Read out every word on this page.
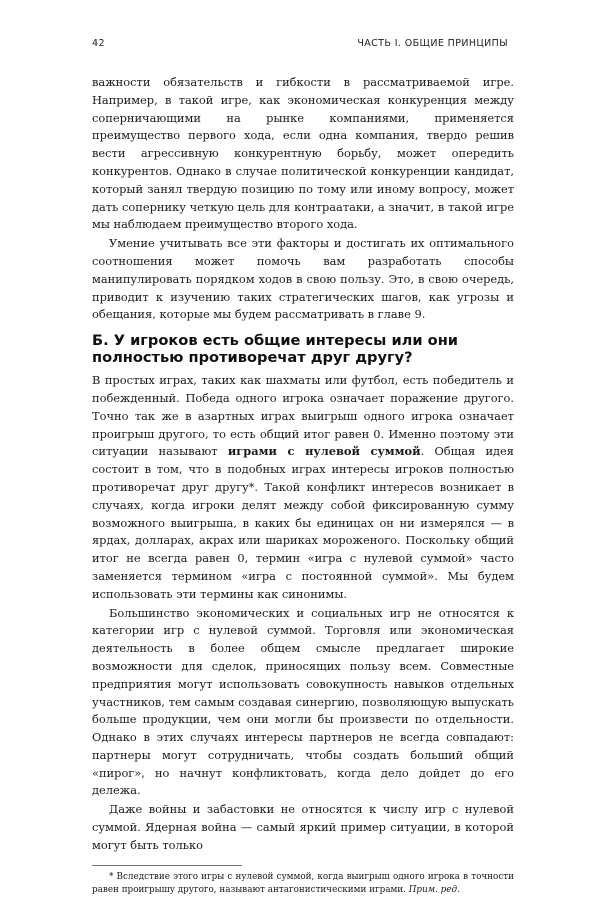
42	ЧАСТЬ I. ОБЩИЕ ПРИНЦИПЫ

важности обязательств и гибкости в рассматриваемой игре. Например, в такой игре, как экономическая конкуренция между соперничающими на рынке компаниями, применяется преимущество первого хода, если одна компания, твердо решив вести агрессивную конкурентную борьбу, может опередить конкурентов. Однако в случае политической конкуренции кандидат, который занял твердую позицию по тому или иному вопросу, может дать сопернику четкую цель для контраатаки, а значит, в такой игре мы наблюдаем преимущество второго хода.

Умение учитывать все эти факторы и достигать их оптимального соотношения может помочь вам разработать способы манипулировать порядком ходов в свою пользу. Это, в свою очередь, приводит к изучению таких стратегических шагов, как угрозы и обещания, которые мы будем рассматривать в главе 9.

Б. У игроков есть общие интересы или они полностью противоречат друг другу?

В простых играх, таких как шахматы или футбол, есть победитель и побежденный. Победа одного игрока означает поражение другого. Точно так же в азартных играх выигрыш одного игрока означает проигрыш другого, то есть общий итог равен 0. Именно поэтому эти ситуации называют играми с нулевой суммой. Общая идея состоит в том, что в подобных играх интересы игроков полностью противоречат друг другу*. Такой конфликт интересов возникает в случаях, когда игроки делят между собой фиксированную сумму возможного выигрыша, в каких бы единицах он ни измерялся — в ярдах, долларах, акрах или шариках мороженого. Поскольку общий итог не всегда равен 0, термин «игра с нулевой суммой» часто заменяется термином «игра с постоянной суммой». Мы будем использовать эти термины как синонимы.

Большинство экономических и социальных игр не относятся к категории игр с нулевой суммой. Торговля или экономическая деятельность в более общем смысле предлагает широкие возможности для сделок, приносящих пользу всем. Совместные предприятия могут использовать совокупность навыков отдельных участников, тем самым создавая синергию, позволяющую выпускать больше продукции, чем они могли бы произвести по отдельности. Однако в этих случаях интересы партнеров не всегда совпадают: партнеры могут сотрудничать, чтобы создать больший общий «пирог», но начнут конфликтовать, когда дело дойдет до его дележа.

Даже войны и забастовки не относятся к числу игр с нулевой суммой. Ядерная война — самый яркий пример ситуации, в которой могут быть только

* Вследствие этого игры с нулевой суммой, когда выигрыш одного игрока в точности равен проигрышу другого, называют антагонистическими играми. Прим. ред.
